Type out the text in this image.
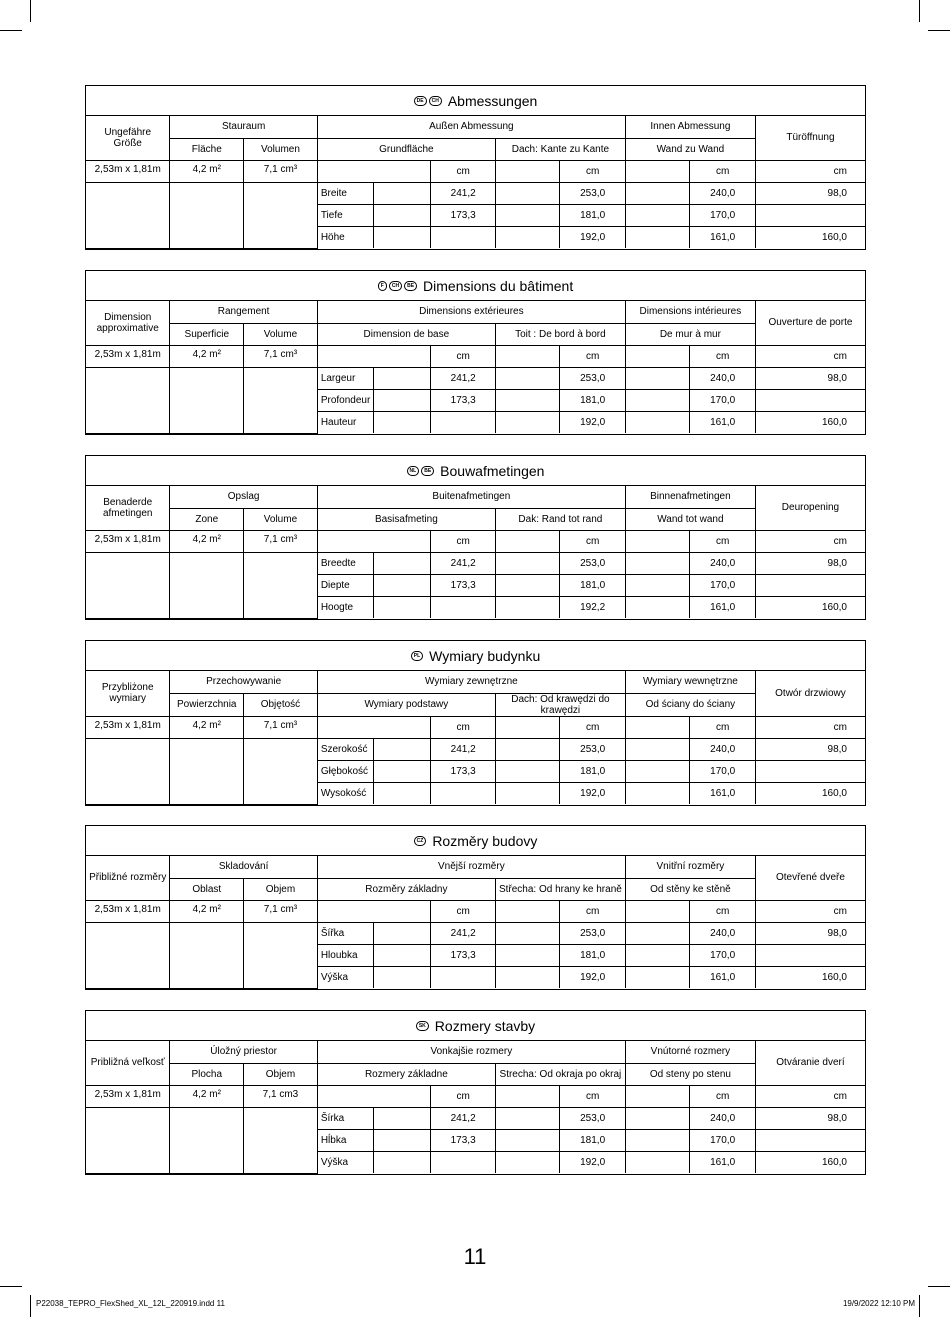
DE	CH Abmessungen
Ungefähre Größe	Stauraum		Außen Abmessung					Innen Abmessung		Türöffnung
	Fläche	Volumen	Grundfläche			Dach: Kante zu Kante		Wand zu Wand		
2,53m x 1,81m	4,2 m²	7,1 cm³			cm		cm		cm	cm
			Breite		241,2		253,0		240,0	98,0
			Tiefe		173,3		181,0		170,0	
			Höhe				192,0		161,0	160,0
F	CH	BE Dimensions du bâtiment
Dimension approximative	Rangement		Dimensions extérieures					Dimensions intérieures		Ouverture de porte
	Superficie	Volume	Dimension de base			Toit : De bord à bord		De mur à mur		
2,53m x 1,81m	4,2 m²	7,1 cm³			cm		cm		cm	cm
			Largeur		241,2		253,0		240,0	98,0
			Profondeur		173,3		181,0		170,0	
			Hauteur				192,0		161,0	160,0
NL	BE Bouwafmetingen
Benaderde afmetingen	Opslag		Buitenafmetingen					Binnenafmetingen		Deuropening
	Zone	Volume	Basisafmeting			Dak: Rand tot rand		Wand tot wand		
2,53m x 1,81m	4,2 m²	7,1 cm³			cm		cm		cm	cm
			Breedte		241,2		253,0		240,0	98,0
			Diepte		173,3		181,0		170,0	
			Hoogte				192,2		161,0	160,0
PL Wymiary budynku
Przybliżone wymiary	Przechowywanie		Wymiary zewnętrzne					Wymiary wewnętrzne		Otwór drzwiowy
	Powierzchnia	Objętość	Wymiary podstawy			Dach: Od krawędzi do krawędzi		Od ściany do ściany		
2,53m x 1,81m	4,2 m²	7,1 cm³			cm		cm		cm	cm
			Szerokość		241,2		253,0		240,0	98,0
			Głębokość		173,3		181,0		170,0	
			Wysokość				192,0		161,0	160,0
CZ Rozměry budovy
Přibližné rozměry	Skladování		Vnější rozměry					Vnitřní rozměry		Otevřené dveře
	Oblast	Objem	Rozměry základny			Střecha: Od hrany ke hraně		Od stěny ke stěně		
2,53m x 1,81m	4,2 m²	7,1 cm³			cm		cm		cm	cm
			Šířka		241,2		253,0		240,0	98,0
			Hloubka		173,3		181,0		170,0	
			Výška				192,0		161,0	160,0
SK Rozmery stavby
Približná veľkosť	Úložný priestor		Vonkajšie rozmery					Vnútorné rozmery		Otváranie dverí
	Plocha	Objem	Rozmery základne			Strecha: Od okraja po okraj		Od steny po stenu		
2,53m x 1,81m	4,2 m²	7,1 cm3			cm		cm		cm	cm
			Šírka		241,2		253,0		240,0	98,0
			Hĺbka		173,3		181,0		170,0	
			Výška				192,0		161,0	160,0
11
P22038_TEPRO_FlexShed_XL_12L_220919.indd 11	19/9/2022 12:10 PM
